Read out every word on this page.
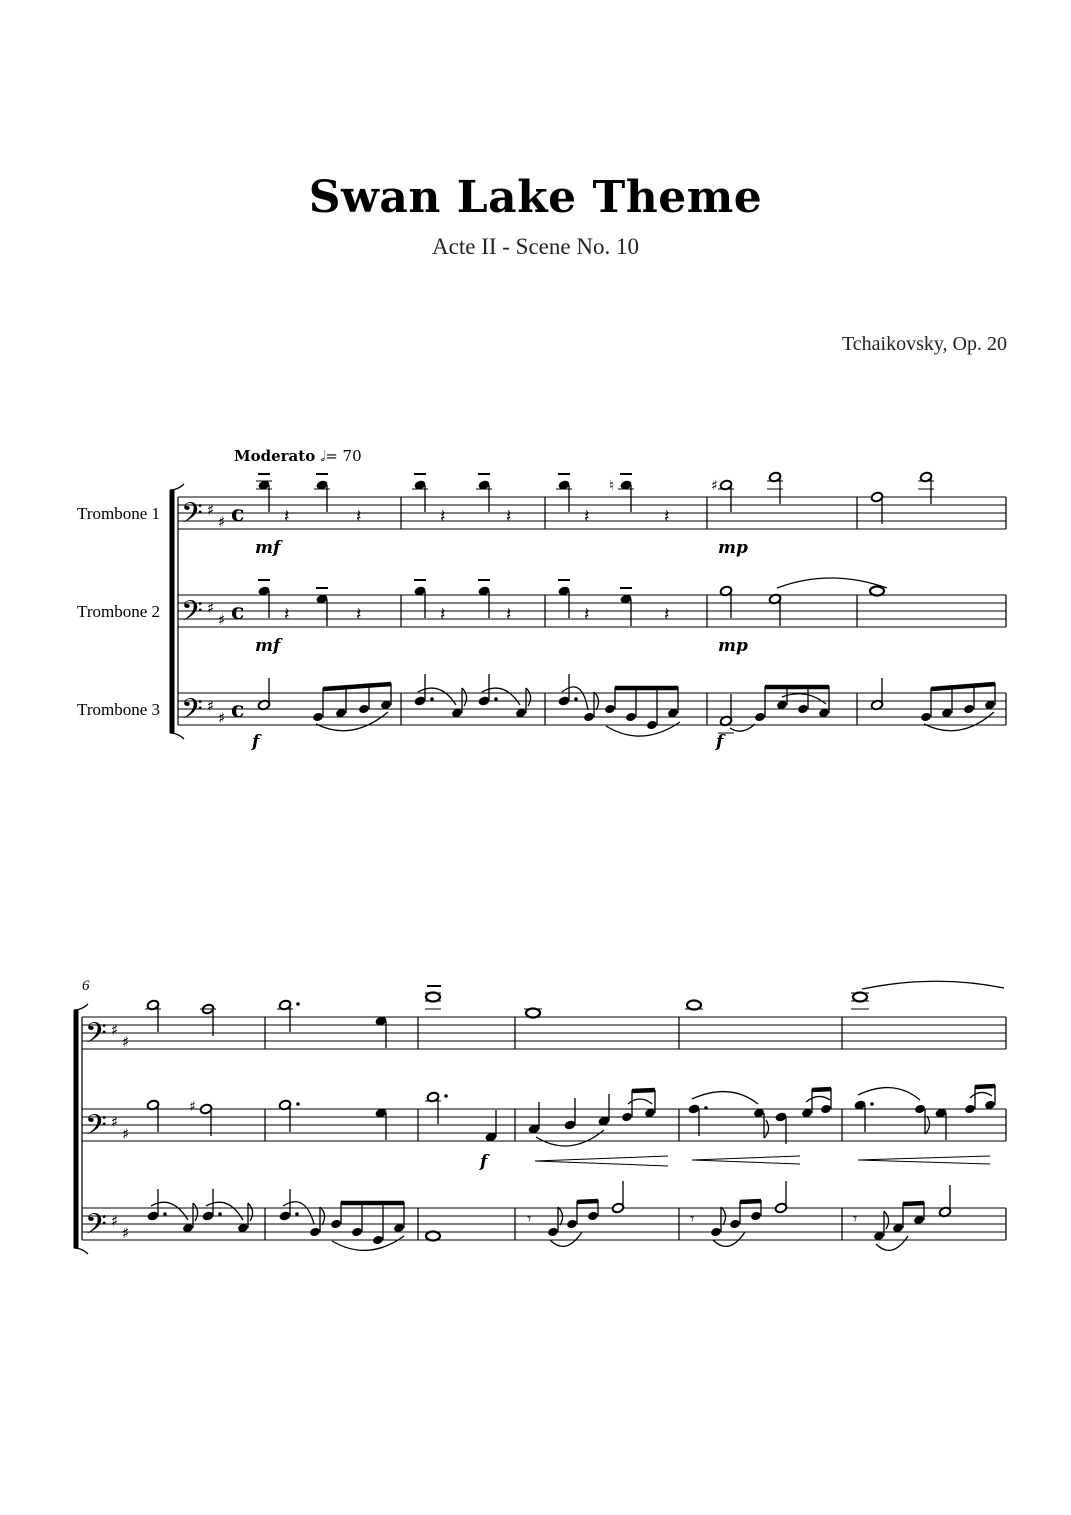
Swan Lake Theme
Acte II - Scene No. 10
Tchaikovsky, Op. 20
Moderato 𝅗𝅥= 70
Trombone 1
Trombone 2
Trombone 3
mf	mp
mf	mp
f	f
f
6
𝄢
𝄢
𝄢
♯
♯
♯
♯
♯
♯
c
c
c
𝄽	𝄽	𝄽	𝄽	𝄽
♮
𝄽
♯
𝄽	𝄽	𝄽	𝄽	𝄽	𝄽
𝄢
𝄢
𝄢
♯
♯
♯
♯
♯
♯
♯
𝄾	𝄾	𝄾
